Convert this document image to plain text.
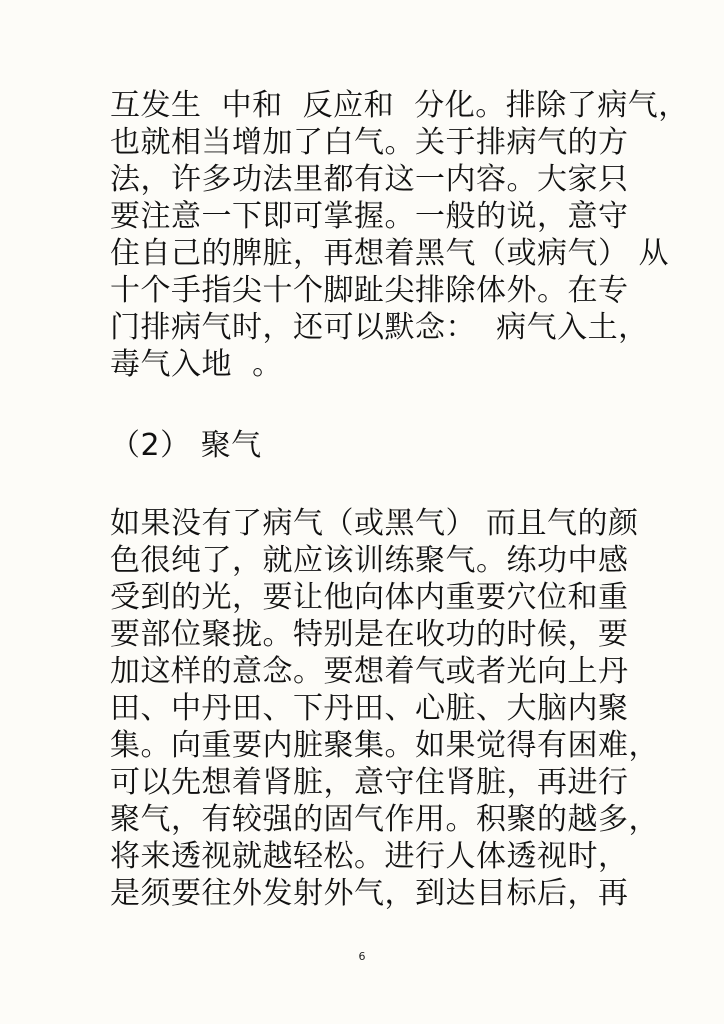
互发生  中和  反应和  分化。排除了病气，
也就相当增加了白气。关于排病气的方
法，许多功法里都有这一内容。大家只
要注意一下即可掌握。一般的说，意守
住自己的脾脏，再想着黑气（或病气） 从
十个手指尖十个脚趾尖排除体外。在专
门排病气时，还可以默念：  病气入土，
毒气入地  。
（2） 聚气
如果没有了病气（或黑气） 而且气的颜
色很纯了，就应该训练聚气。练功中感
受到的光，要让他向体内重要穴位和重
要部位聚拢。特别是在收功的时候，要
加这样的意念。要想着气或者光向上丹
田、中丹田、下丹田、心脏、大脑内聚
集。向重要内脏聚集。如果觉得有困难，
可以先想着肾脏，意守住肾脏，再进行
聚气，有较强的固气作用。积聚的越多，
将来透视就越轻松。进行人体透视时，
是须要往外发射外气，到达目标后，再
6
